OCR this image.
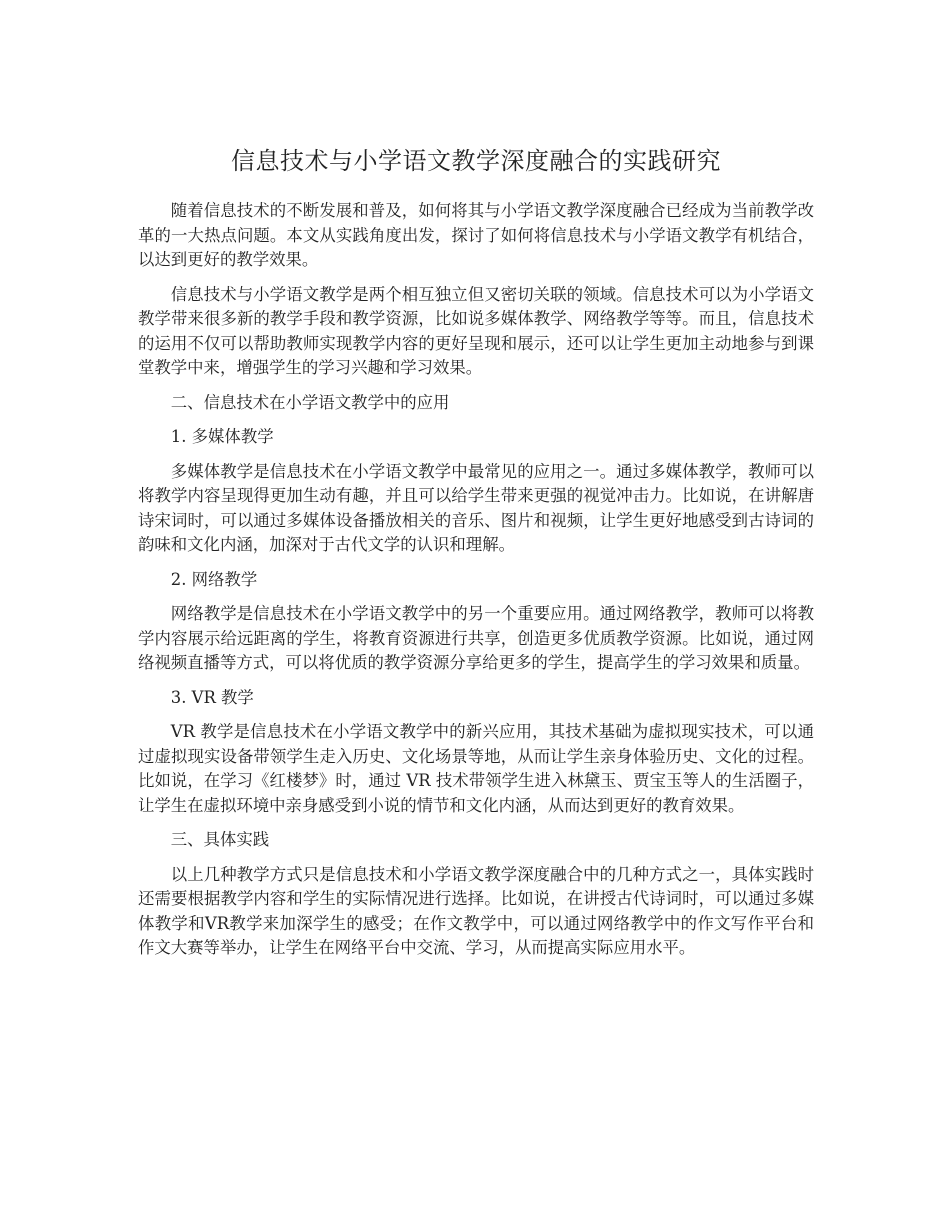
信息技术与小学语文教学深度融合的实践研究

随着信息技术的不断发展和普及，如何将其与小学语文教学深度融合已经成为当前教学改革的一大热点问题。本文从实践角度出发，探讨了如何将信息技术与小学语文教学有机结合，以达到更好的教学效果。

信息技术与小学语文教学是两个相互独立但又密切关联的领域。信息技术可以为小学语文教学带来很多新的教学手段和教学资源，比如说多媒体教学、网络教学等等。而且，信息技术的运用不仅可以帮助教师实现教学内容的更好呈现和展示，还可以让学生更加主动地参与到课堂教学中来，增强学生的学习兴趣和学习效果。

二、信息技术在小学语文教学中的应用

1. 多媒体教学

多媒体教学是信息技术在小学语文教学中最常见的应用之一。通过多媒体教学，教师可以将教学内容呈现得更加生动有趣，并且可以给学生带来更强的视觉冲击力。比如说，在讲解唐诗宋词时，可以通过多媒体设备播放相关的音乐、图片和视频，让学生更好地感受到古诗词的韵味和文化内涵，加深对于古代文学的认识和理解。

2. 网络教学

网络教学是信息技术在小学语文教学中的另一个重要应用。通过网络教学，教师可以将教学内容展示给远距离的学生，将教育资源进行共享，创造更多优质教学资源。比如说，通过网络视频直播等方式，可以将优质的教学资源分享给更多的学生，提高学生的学习效果和质量。

3. VR 教学

VR 教学是信息技术在小学语文教学中的新兴应用，其技术基础为虚拟现实技术，可以通过虚拟现实设备带领学生走入历史、文化场景等地，从而让学生亲身体验历史、文化的过程。比如说，在学习《红楼梦》时，通过 VR 技术带领学生进入林黛玉、贾宝玉等人的生活圈子，让学生在虚拟环境中亲身感受到小说的情节和文化内涵，从而达到更好的教育效果。

三、具体实践

以上几种教学方式只是信息技术和小学语文教学深度融合中的几种方式之一，具体实践时还需要根据教学内容和学生的实际情况进行选择。比如说，在讲授古代诗词时，可以通过多媒体教学和VR教学来加深学生的感受；在作文教学中，可以通过网络教学中的作文写作平台和作文大赛等举办，让学生在网络平台中交流、学习，从而提高实际应用水平。
